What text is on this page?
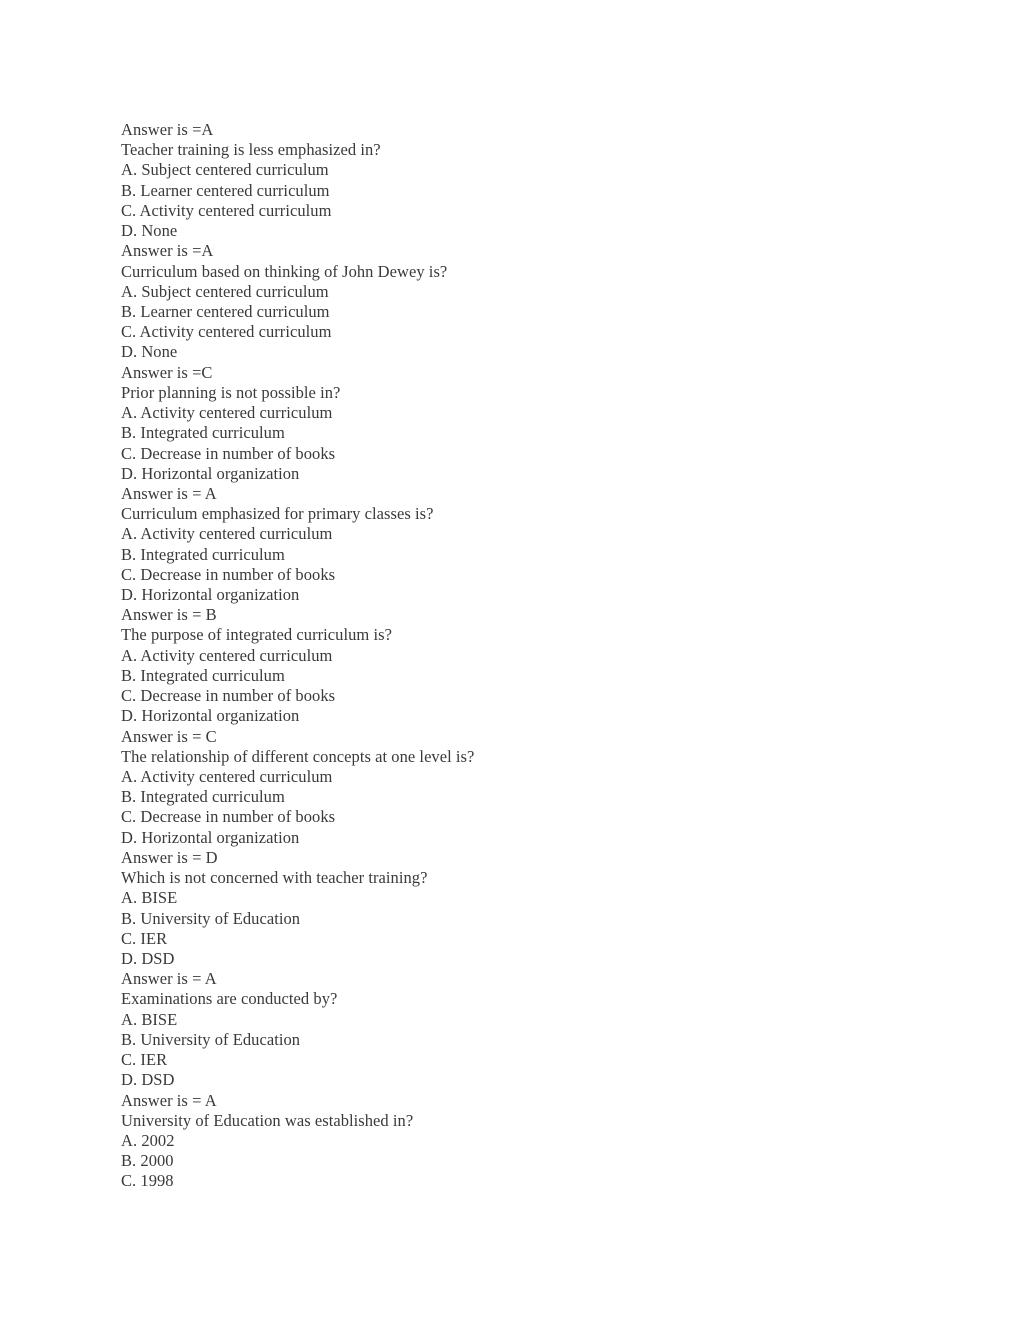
Answer is =A
Teacher training is less emphasized in?
A. Subject centered curriculum
B. Learner centered curriculum
C. Activity centered curriculum
D. None
Answer is =A
Curriculum based on thinking of John Dewey is?
A. Subject centered curriculum
B. Learner centered curriculum
C. Activity centered curriculum
D. None
Answer is =C
Prior planning is not possible in?
A. Activity centered curriculum
B. Integrated curriculum
C. Decrease in number of books
D. Horizontal organization
Answer is = A
Curriculum emphasized for primary classes is?
A. Activity centered curriculum
B. Integrated curriculum
C. Decrease in number of books
D. Horizontal organization
Answer is = B
The purpose of integrated curriculum is?
A. Activity centered curriculum
B. Integrated curriculum
C. Decrease in number of books
D. Horizontal organization
Answer is = C
The relationship of different concepts at one level is?
A. Activity centered curriculum
B. Integrated curriculum
C. Decrease in number of books
D. Horizontal organization
Answer is = D
Which is not concerned with teacher training?
A. BISE
B. University of Education
C. IER
D. DSD
Answer is = A
Examinations are conducted by?
A. BISE
B. University of Education
C. IER
D. DSD
Answer is = A
University of Education was established in?
A. 2002
B. 2000
C. 1998
